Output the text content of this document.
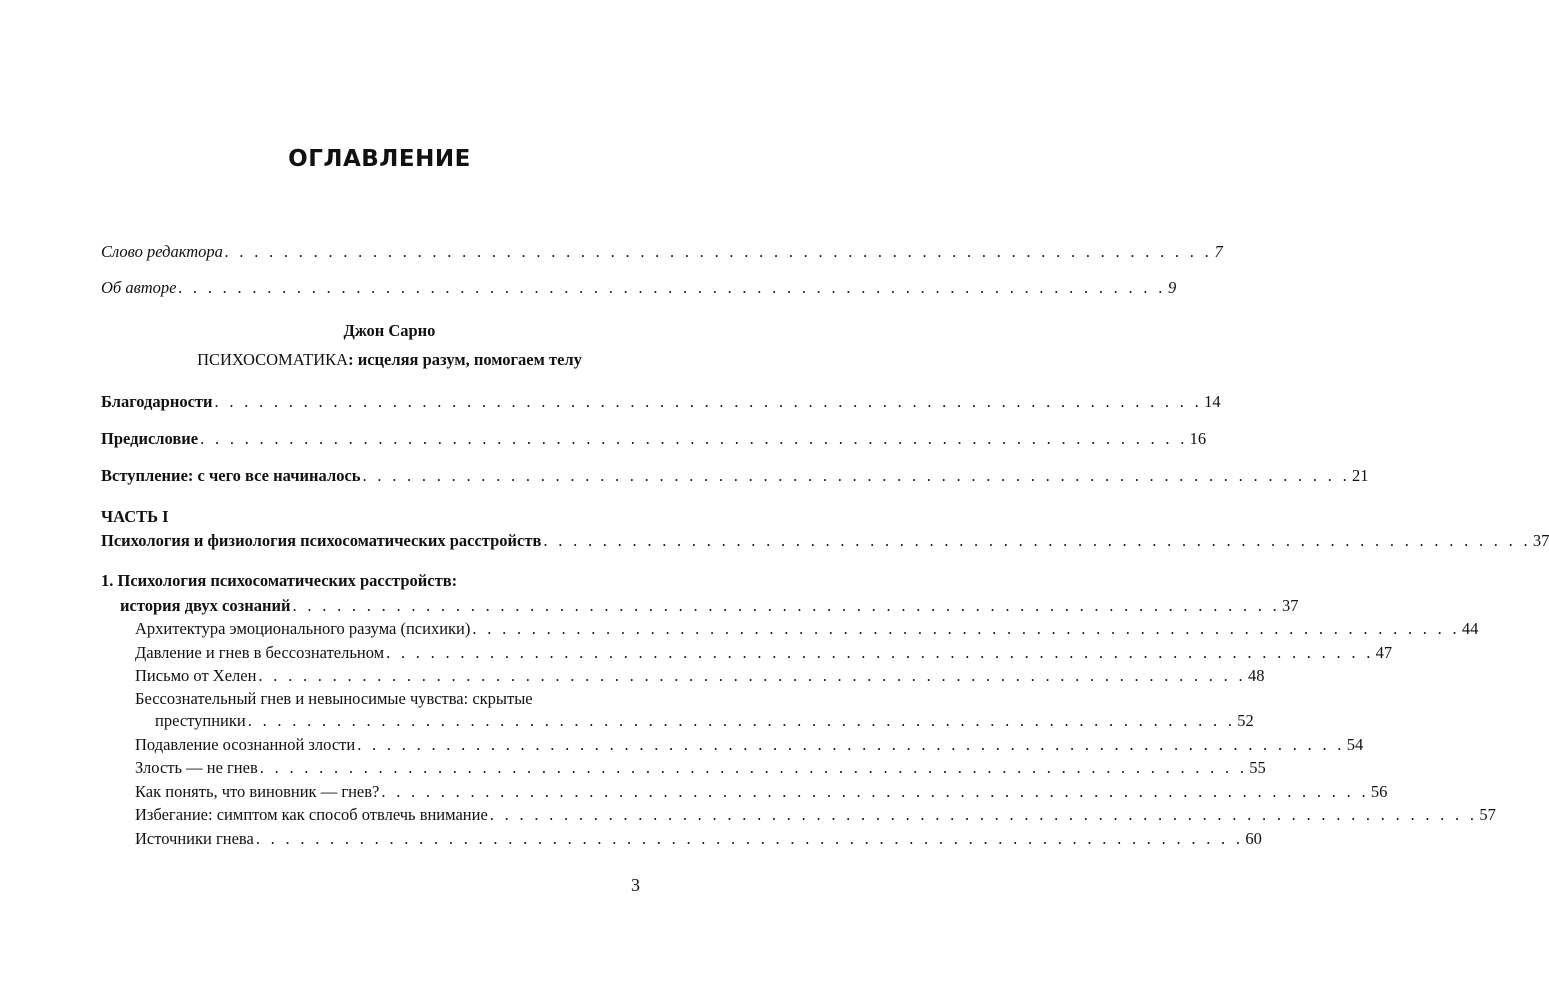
ОГЛАВЛЕНИЕ
Слово редактора . . . . . . . . . . . . . . . . . . . . . . . . . . . . . . . . . . . . . . . . . . . . . . . . . . . . . . . . . . . . . . . . . . . 7
Об авторе . . . . . . . . . . . . . . . . . . . . . . . . . . . . . . . . . . . . . . . . . . . . . . . . . . . . . . . . . . . . . . . . . . . 9
Джон Сарно
ПСИХОСОМАТИКА: исцеляя разум, помогаем телу
Благодарности . . . . . . . . . . . . . . . . . . . . . . . . . . . . . . . . . . . . . . . . . . . . . . . . . . . . . . . . . . . . . . . . . . . 14
Предисловие . . . . . . . . . . . . . . . . . . . . . . . . . . . . . . . . . . . . . . . . . . . . . . . . . . . . . . . . . . . . . . . . . . . 16
Вступление: с чего все начиналось . . . . . . . . . . . . . . . . . . . . . . . . . . . . . . . . . . . . . . . . . . . . . . . . . . . . . . . . . . . . . . . . . . . 21
ЧАСТЬ I
Психология и физиология психосоматических расстройств . . . . . . . . . . . . . . . . . . . . . . . . . . . . . . . . . . . . . . . . . . . . . . . . . . . . . . . . . . . . . . . . . . . 37
1. Психология психосоматических расстройств:
история двух сознаний . . . . . . . . . . . . . . . . . . . . . . . . . . . . . . . . . . . . . . . . . . . . . . . . . . . . . . . . . . . . . . . . . . . 37
Архитектура эмоционального разума (психики) . . . . . . . . . . . . . . . . . . . . . . . . . . . . . . . . . . . . . . . . . . . . . . . . . . . . . . . . . . . . . . . . . . . 44
Давление и гнев в бессознательном . . . . . . . . . . . . . . . . . . . . . . . . . . . . . . . . . . . . . . . . . . . . . . . . . . . . . . . . . . . . . . . . . . . 47
Письмо от Хелен . . . . . . . . . . . . . . . . . . . . . . . . . . . . . . . . . . . . . . . . . . . . . . . . . . . . . . . . . . . . . . . . . . . 48
Бессознательный гнев и невыносимые чувства: скрытые
преступники . . . . . . . . . . . . . . . . . . . . . . . . . . . . . . . . . . . . . . . . . . . . . . . . . . . . . . . . . . . . . . . . . . . 52
Подавление осознанной злости . . . . . . . . . . . . . . . . . . . . . . . . . . . . . . . . . . . . . . . . . . . . . . . . . . . . . . . . . . . . . . . . . . . 54
Злость — не гнев . . . . . . . . . . . . . . . . . . . . . . . . . . . . . . . . . . . . . . . . . . . . . . . . . . . . . . . . . . . . . . . . . . . 55
Как понять, что виновник — гнев? . . . . . . . . . . . . . . . . . . . . . . . . . . . . . . . . . . . . . . . . . . . . . . . . . . . . . . . . . . . . . . . . . . . 56
Избегание: симптом как способ отвлечь внимание . . . . . . . . . . . . . . . . . . . . . . . . . . . . . . . . . . . . . . . . . . . . . . . . . . . . . . . . . . . . . . . . . . . 57
Источники гнева . . . . . . . . . . . . . . . . . . . . . . . . . . . . . . . . . . . . . . . . . . . . . . . . . . . . . . . . . . . . . . . . . . . 60
3
